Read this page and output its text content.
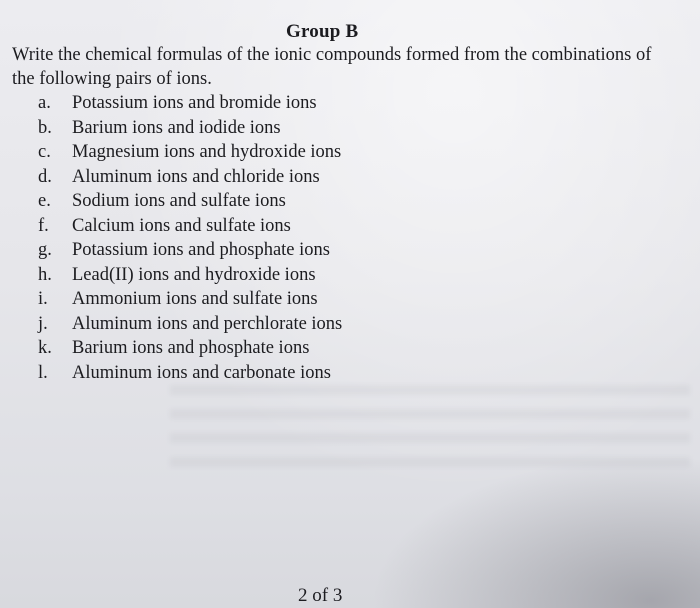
Group B

Write the chemical formulas of the ionic compounds formed from the combinations of the following pairs of ions.

a. Potassium ions and bromide ions
b. Barium ions and iodide ions
c. Magnesium ions and hydroxide ions
d. Aluminum ions and chloride ions
e. Sodium ions and sulfate ions
f. Calcium ions and sulfate ions
g. Potassium ions and phosphate ions
h. Lead(II) ions and hydroxide ions
i. Ammonium ions and sulfate ions
j. Aluminum ions and perchlorate ions
k. Barium ions and phosphate ions
l. Aluminum ions and carbonate ions

2 of 3
